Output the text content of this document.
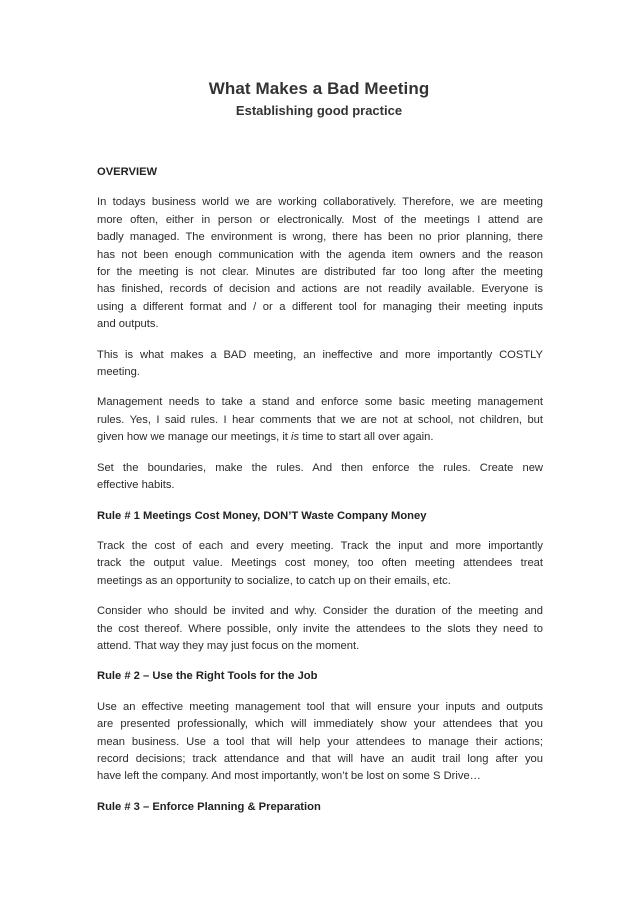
What Makes a Bad Meeting
Establishing good practice
OVERVIEW
In todays business world we are working collaboratively. Therefore, we are meeting
more often, either in person or electronically. Most of the meetings I attend are
badly managed. The environment is wrong, there has been no prior planning, there
has not been enough communication with the agenda item owners and the reason
for the meeting is not clear. Minutes are distributed far too long after the meeting
has finished, records of decision and actions are not readily available. Everyone is
using a different format and / or a different tool for managing their meeting inputs
and outputs.
This is what makes a BAD meeting, an ineffective and more importantly COSTLY
meeting.
Management needs to take a stand and enforce some basic meeting management
rules. Yes, I said rules. I hear comments that we are not at school, not children, but
given how we manage our meetings, it is time to start all over again.
Set the boundaries, make the rules. And then enforce the rules. Create new
effective habits.
Rule # 1 Meetings Cost Money, DON’T Waste Company Money
Track the cost of each and every meeting. Track the input and more importantly
track the output value. Meetings cost money, too often meeting attendees treat
meetings as an opportunity to socialize, to catch up on their emails, etc.
Consider who should be invited and why. Consider the duration of the meeting and
the cost thereof. Where possible, only invite the attendees to the slots they need to
attend. That way they may just focus on the moment.
Rule # 2 – Use the Right Tools for the Job
Use an effective meeting management tool that will ensure your inputs and outputs
are presented professionally, which will immediately show your attendees that you
mean business. Use a tool that will help your attendees to manage their actions;
record decisions; track attendance and that will have an audit trail long after you
have left the company. And most importantly, won’t be lost on some S Drive…
Rule # 3 – Enforce Planning & Preparation
